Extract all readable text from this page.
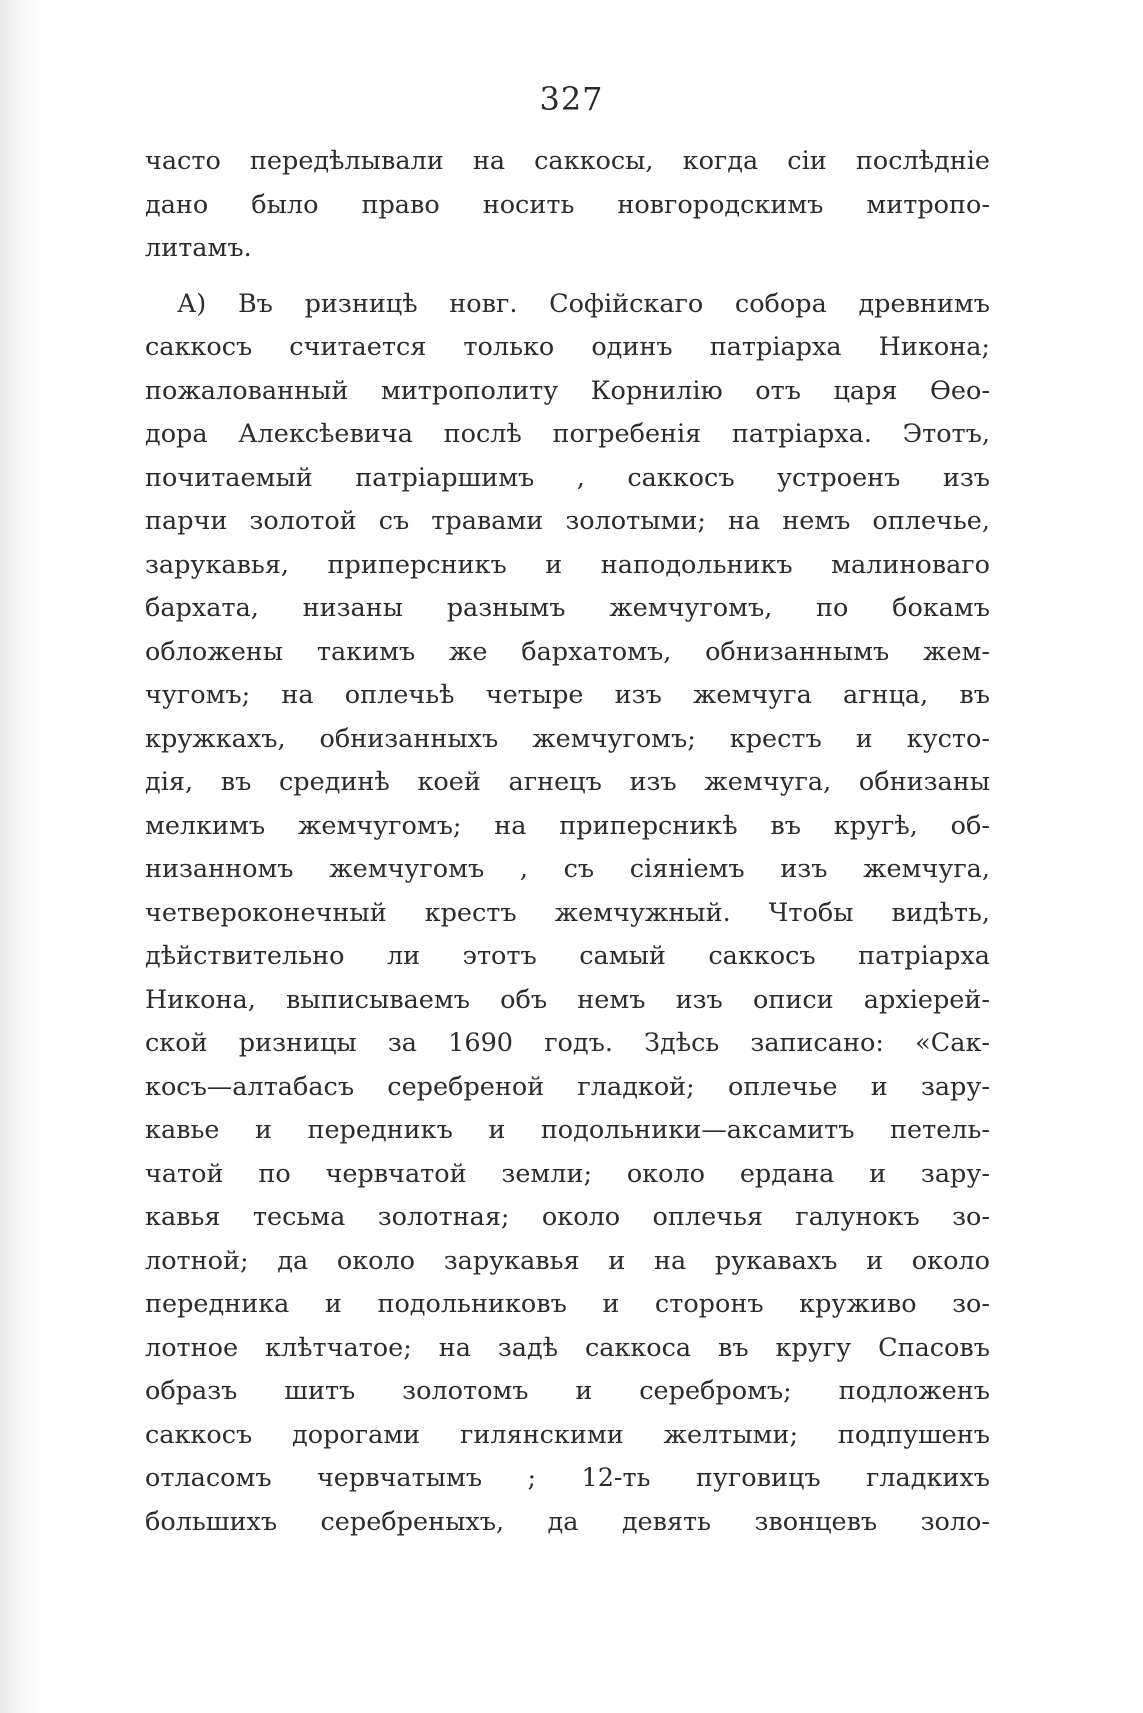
327
часто передѣлывали на саккосы, когда сіи послѣдніе
дано было право носить новгородскимъ митропо-
литамъ.
А) Въ ризницѣ новг. Софійскаго собора древнимъ
саккосъ считается только одинъ патріарха Никона;
пожалованный митрополиту Корнилію отъ царя Ѳео-
дора Алексѣевича послѣ погребенія патріарха. Этотъ,
почитаемый патріаршимъ , саккосъ устроенъ изъ
парчи золотой съ травами золотыми; на немъ оплечье,
зарукавья, приперсникъ и наподольникъ малиноваго
бархата, низаны разнымъ жемчугомъ, по бокамъ
обложены такимъ же бархатомъ, обнизаннымъ жем-
чугомъ; на оплечьѣ четыре изъ жемчуга агнца, въ
кружкахъ, обнизанныхъ жемчугомъ; крестъ и кусто-
дія, въ срединѣ коей агнецъ изъ жемчуга, обнизаны
мелкимъ жемчугомъ; на приперсникѣ въ кругѣ, об-
низанномъ жемчугомъ , съ сіяніемъ изъ жемчуга,
четвероконечный крестъ жемчужный. Чтобы видѣть,
дѣйствительно ли этотъ самый саккосъ патріарха
Никона, выписываемъ объ немъ изъ описи архіерей-
ской ризницы за 1690 годъ. Здѣсь записано: «Сак-
косъ—алтабасъ серебреной гладкой; оплечье и зару-
кавье и передникъ и подольники—аксамитъ петель-
чатой по червчатой земли; около ердана и зару-
кавья тесьма золотная; около оплечья галунокъ зо-
лотной; да около зарукавья и на рукавахъ и около
передника и подольниковъ и сторонъ круживо зо-
лотное клѣтчатое; на задѣ саккоса въ кругу Спасовъ
образъ шитъ золотомъ и серебромъ; подложенъ
саккосъ дорогами гилянскими желтыми; подпушенъ
отласомъ червчатымъ ; 12-ть пуговицъ гладкихъ
большихъ серебреныхъ, да девять звонцевъ золо-
